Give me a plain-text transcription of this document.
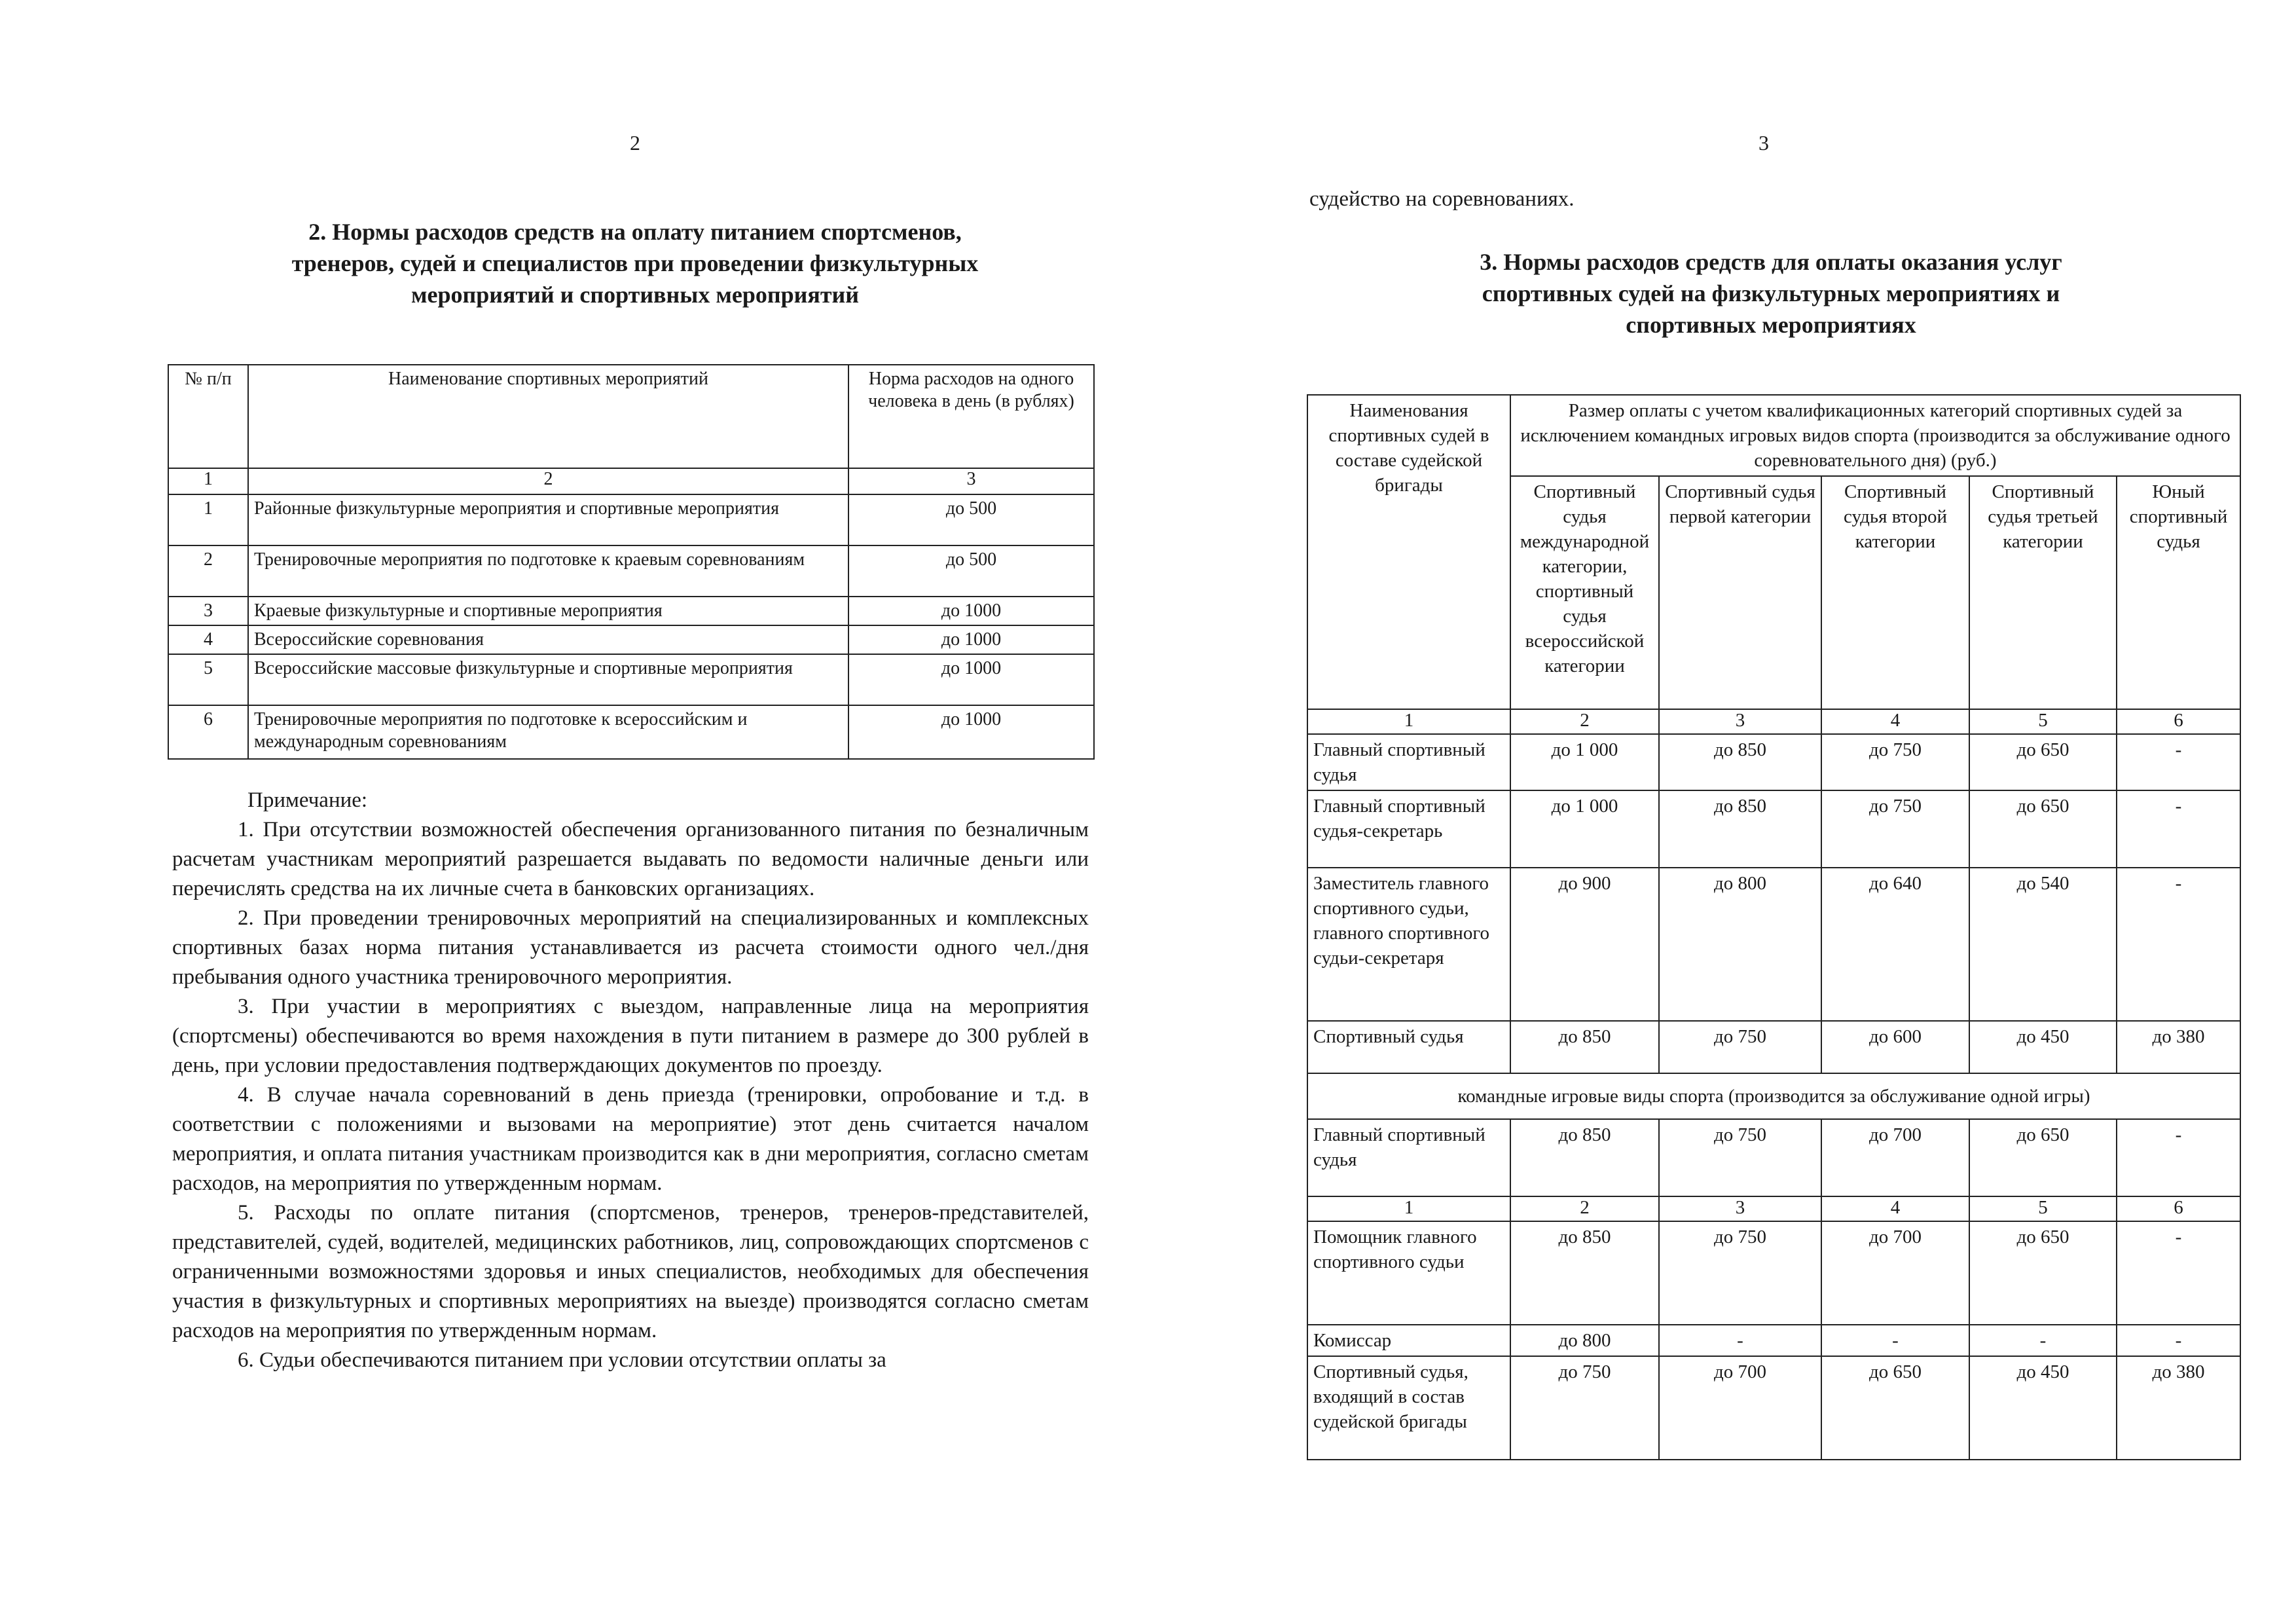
2
2. Нормы расходов средств на оплату питанием спортсменов,
тренеров, судей и специалистов при проведении физкультурных
мероприятий и спортивных мероприятий
№ п/п	Наименование спортивных мероприятий	Норма расходов на одного человека в день (в рублях)
1	2	3
1	Районные физкультурные мероприятия и спортивные мероприятия	до 500
2	Тренировочные мероприятия по подготовке к краевым соревнованиям	до 500
3	Краевые физкультурные и спортивные мероприятия	до 1000
4	Всероссийские соревнования	до 1000
5	Всероссийские массовые физкультурные и спортивные мероприятия	до 1000
6	Тренировочные мероприятия по подготовке к всероссийским и международным соревнованиям	до 1000

Примечание:

1. При отсутствии возможностей обеспечения организованного питания по безналичным расчетам участникам мероприятий разрешается выдавать по ведомости наличные деньги или перечислять средства на их личные счета в банковских организациях.

2. При проведении тренировочных мероприятий на специализированных и комплексных спортивных базах норма питания устанавливается из расчета стоимости одного чел./дня пребывания одного участника тренировочного мероприятия.

3. При участии в мероприятиях с выездом, направленные лица на мероприятия (спортсмены) обеспечиваются во время нахождения в пути питанием в размере до 300 рублей в день, при условии предоставления подтверждающих документов по проезду.

4. В случае начала соревнований в день приезда (тренировки, опробование и т.д. в соответствии с положениями и вызовами на мероприятие) этот день считается началом мероприятия, и оплата питания участникам производится как в дни мероприятия, согласно сметам расходов, на мероприятия по утвержденным нормам.

5. Расходы по оплате питания (спортсменов, тренеров, тренеров-представителей, представителей, судей, водителей, медицинских работников, лиц, сопровождающих спортсменов с ограниченными возможностями здоровья и иных специалистов, необходимых для обеспечения участия в физкультурных и спортивных мероприятиях на выезде) производятся согласно сметам расходов на мероприятия по утвержденным нормам.

6. Судьи обеспечиваются питанием при условии отсутствии оплаты за

3
судейство на соревнованиях.
3. Нормы расходов средств для оплаты оказания услуг
спортивных судей на физкультурных мероприятиях и
спортивных мероприятиях
Наименования спортивных судей в составе судейской бригады	Размер оплаты с учетом квалификационных категорий спортивных судей за исключением командных игровых видов спорта (производится за обслуживание одного соревновательного дня) (руб.)				
	Спортивный судья международной категории, спортивный судья всероссийской категории	Спортивный судья первой категории	Спортивный судья второй категории	Спортивный судья третьей категории	Юный спортивный судья
1	2	3	4	5	6
Главный спортивный судья	до 1 000	до 850	до 750	до 650	-
Главный спортивный судья-секретарь	до 1 000	до 850	до 750	до 650	-
Заместитель главного спортивного судьи, главного спортивного судьи-секретаря	до 900	до 800	до 640	до 540	-
Спортивный судья	до 850	до 750	до 600	до 450	до 380
командные игровые виды спорта (производится за обслуживание одной игры)					
Главный спортивный судья	до 850	до 750	до 700	до 650	-
1	2	3	4	5	6
Помощник главного спортивного судьи	до 850	до 750	до 700	до 650	-
Комиссар	до 800	-	-	-	-
Спортивный судья, входящий в состав судейской бригады	до 750	до 700	до 650	до 450	до 380
